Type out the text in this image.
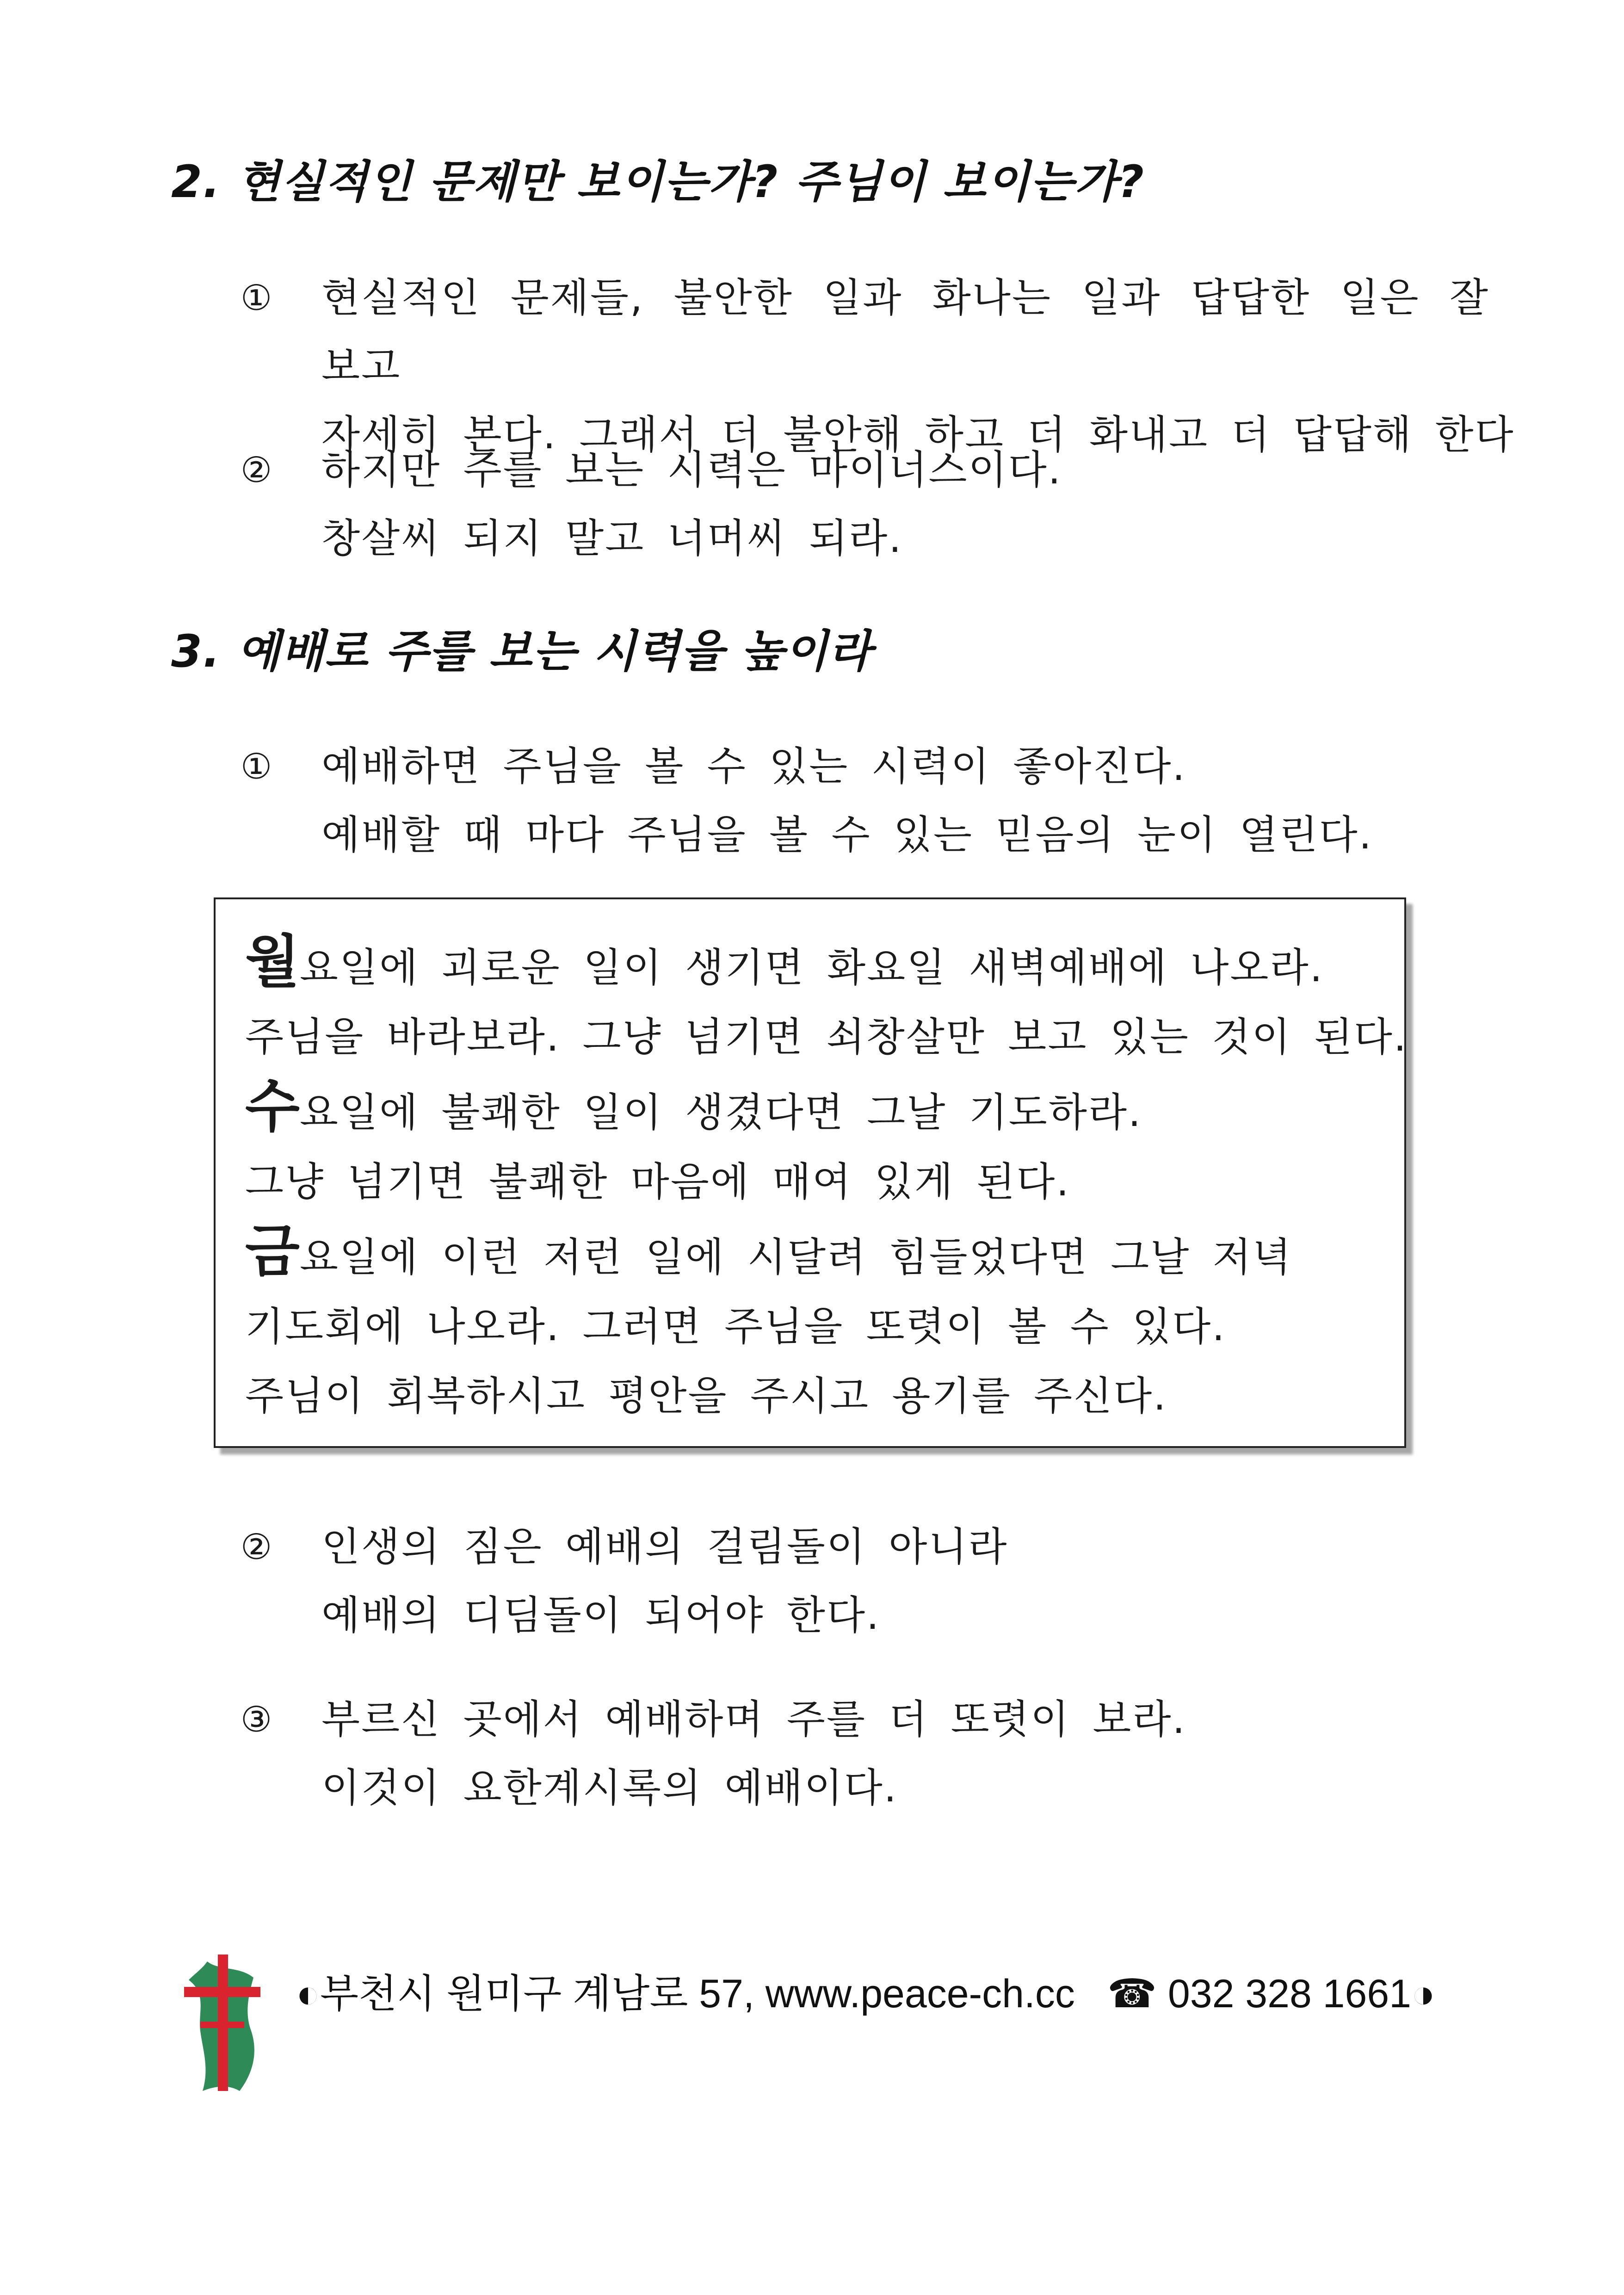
2. 현실적인 문제만 보이는가? 주님이 보이는가?
① 현실적인 문제들, 불안한 일과 화나는 일과 답답한 일은 잘 보고
자세히 본다. 그래서 더 불안해 하고 더 화내고 더 답답해 한다
② 하지만 주를 보는 시력은 마이너스이다.
창살씨 되지 말고 너머씨 되라.
3. 예배로 주를 보는 시력을 높이라
① 예배하면 주님을 볼 수 있는 시력이 좋아진다.
예배할 때 마다 주님을 볼 수 있는 믿음의 눈이 열린다.
월요일에 괴로운 일이 생기면 화요일 새벽예배에 나오라.
주님을 바라보라. 그냥 넘기면 쇠창살만 보고 있는 것이 된다.
수요일에 불쾌한 일이 생겼다면 그날 기도하라.
그냥 넘기면 불쾌한 마음에 매여 있게 된다.
금요일에 이런 저런 일에 시달려 힘들었다면 그날 저녁
기도회에 나오라. 그러면 주님을 또렷이 볼 수 있다.
주님이 회복하시고 평안을 주시고 용기를 주신다.
② 인생의 짐은 예배의 걸림돌이 아니라
예배의 디딤돌이 되어야 한다.
③ 부르신 곳에서 예배하며 주를 더 또렷이 보라.
이것이 요한계시록의 예배이다.
◐부천시 원미구 계남로 57, www.peace-ch.cc ☎ 032 328 1661◑
